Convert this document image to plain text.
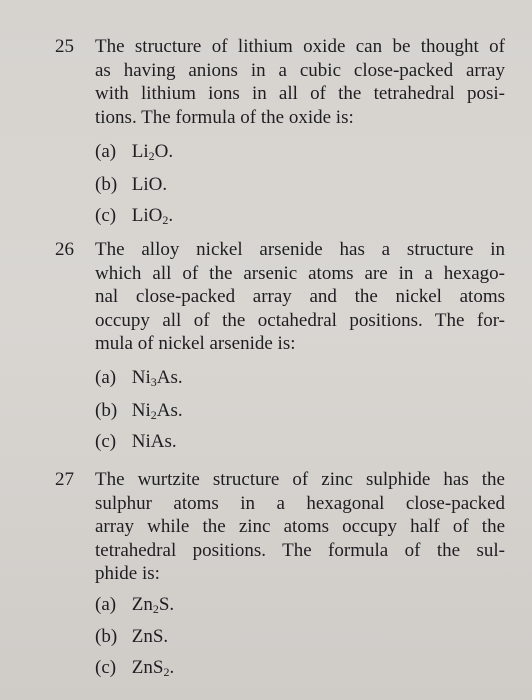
25 The structure of lithium oxide can be thought of
as having anions in a cubic close-packed array
with lithium ions in all of the tetrahedral posi-
tions. The formula of the oxide is:
(a) $Li_2O$.
(b) LiO.
(c) LiO$_2$.
26 The alloy nickel arsenide has a structure in
which all of the arsenic atoms are in a hexago-
nal close-packed array and the nickel atoms
occupy all of the octahedral positions. The for-
mula of nickel arsenide is:
(a) $Ni_3As$.
(b) $Ni_2As$.
(c) NiAs.
27 The wurtzite structure of zinc sulphide has the
sulphur atoms in a hexagonal close-packed
array while the zinc atoms occupy half of the
tetrahedral positions. The formula of the sul-
phide is:
(a) $Zn_2S$.
(b) ZnS.
(c) ZnS$_2$.
